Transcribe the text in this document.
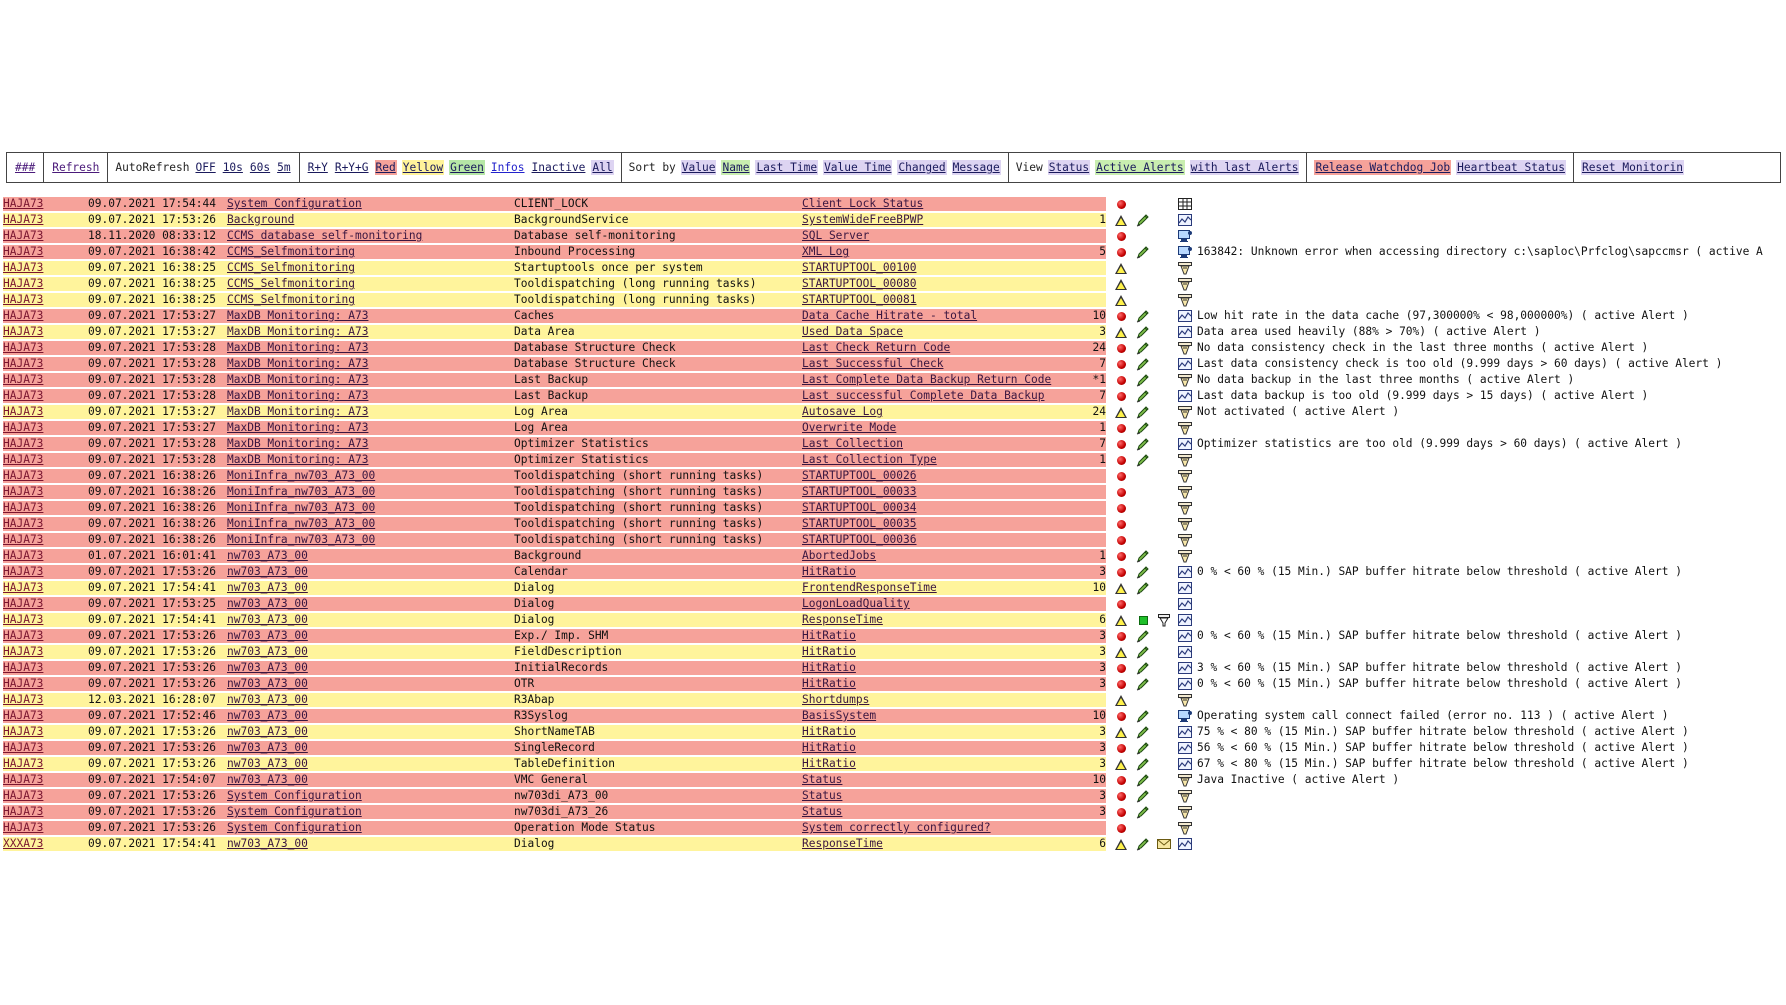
### Refresh AutoRefresh OFF 10s 60s 5m R+Y R+Y+G Red Yellow Green Infos Inactive All Sort by Value Name Last Time Value Time Changed Message View Status Active Alerts with last Alerts Release Watchdog Job Heartbeat Status Reset Monitorin
HAJA73	09.07.2021 17:54:44 System Configuration	CLIENT_LOCK	Client Lock Status
HAJA73	09.07.2021 17:53:26 Background	BackgroundService	SystemWideFreeBPWP	1
HAJA73	18.11.2020 08:33:12 CCMS database self-monitoring	Database self-monitoring	SQL Server
HAJA73	09.07.2021 16:38:42 CCMS_Selfmonitoring	Inbound Processing	XML Log	5	163842: Unknown error when accessing directory c:\saploc\Prfclog\sapccmsr ( active A
HAJA73	09.07.2021 16:38:25 CCMS_Selfmonitoring	Startuptools once per system	STARTUPTOOL_00100
HAJA73	09.07.2021 16:38:25 CCMS_Selfmonitoring	Tooldispatching (long running tasks)	STARTUPTOOL_00080
HAJA73	09.07.2021 16:38:25 CCMS_Selfmonitoring	Tooldispatching (long running tasks)	STARTUPTOOL_00081
HAJA73	09.07.2021 17:53:27 MaxDB Monitoring: A73	Caches	Data Cache Hitrate - total	10	Low hit rate in the data cache (97,300000% < 98,000000%) ( active Alert )
HAJA73	09.07.2021 17:53:27 MaxDB Monitoring: A73	Data Area	Used Data Space	3	Data area used heavily (88% > 70%) ( active Alert )
HAJA73	09.07.2021 17:53:28 MaxDB Monitoring: A73	Database Structure Check	Last Check Return Code	24	No data consistency check in the last three months ( active Alert )
HAJA73	09.07.2021 17:53:28 MaxDB Monitoring: A73	Database Structure Check	Last Successful Check	7	Last data consistency check is too old (9.999 days > 60 days) ( active Alert )
HAJA73	09.07.2021 17:53:28 MaxDB Monitoring: A73	Last Backup	Last Complete Data Backup Return Code	*1	No data backup in the last three months ( active Alert )
HAJA73	09.07.2021 17:53:28 MaxDB Monitoring: A73	Last Backup	Last successful Complete Data Backup	7	Last data backup is too old (9.999 days > 15 days) ( active Alert )
HAJA73	09.07.2021 17:53:27 MaxDB Monitoring: A73	Log Area	Autosave Log	24	Not activated ( active Alert )
HAJA73	09.07.2021 17:53:27 MaxDB Monitoring: A73	Log Area	Overwrite Mode	1
HAJA73	09.07.2021 17:53:28 MaxDB Monitoring: A73	Optimizer Statistics	Last Collection	7	Optimizer statistics are too old (9.999 days > 60 days) ( active Alert )
HAJA73	09.07.2021 17:53:28 MaxDB Monitoring: A73	Optimizer Statistics	Last Collection Type	1
HAJA73	09.07.2021 16:38:26 MoniInfra_nw703_A73_00	Tooldispatching (short running tasks)	STARTUPTOOL_00026
HAJA73	09.07.2021 16:38:26 MoniInfra_nw703_A73_00	Tooldispatching (short running tasks)	STARTUPTOOL_00033
HAJA73	09.07.2021 16:38:26 MoniInfra_nw703_A73_00	Tooldispatching (short running tasks)	STARTUPTOOL_00034
HAJA73	09.07.2021 16:38:26 MoniInfra_nw703_A73_00	Tooldispatching (short running tasks)	STARTUPTOOL_00035
HAJA73	09.07.2021 16:38:26 MoniInfra_nw703_A73_00	Tooldispatching (short running tasks)	STARTUPTOOL_00036
HAJA73	01.07.2021 16:01:41 nw703_A73_00	Background	AbortedJobs	1
HAJA73	09.07.2021 17:53:26 nw703_A73_00	Calendar	HitRatio	3	0 % < 60 % (15 Min.) SAP buffer hitrate below threshold ( active Alert )
HAJA73	09.07.2021 17:54:41 nw703_A73_00	Dialog	FrontendResponseTime	10
HAJA73	09.07.2021 17:53:25 nw703_A73_00	Dialog	LogonLoadQuality
HAJA73	09.07.2021 17:54:41 nw703_A73_00	Dialog	ResponseTime	6
HAJA73	09.07.2021 17:53:26 nw703_A73_00	Exp./ Imp. SHM	HitRatio	3	0 % < 60 % (15 Min.) SAP buffer hitrate below threshold ( active Alert )
HAJA73	09.07.2021 17:53:26 nw703_A73_00	FieldDescription	HitRatio	3
HAJA73	09.07.2021 17:53:26 nw703_A73_00	InitialRecords	HitRatio	3	3 % < 60 % (15 Min.) SAP buffer hitrate below threshold ( active Alert )
HAJA73	09.07.2021 17:53:26 nw703_A73_00	OTR	HitRatio	3	0 % < 60 % (15 Min.) SAP buffer hitrate below threshold ( active Alert )
HAJA73	12.03.2021 16:28:07 nw703_A73_00	R3Abap	Shortdumps
HAJA73	09.07.2021 17:52:46 nw703_A73_00	R3Syslog	BasisSystem	10	Operating system call connect failed (error no. 113 ) ( active Alert )
HAJA73	09.07.2021 17:53:26 nw703_A73_00	ShortNameTAB	HitRatio	3	75 % < 80 % (15 Min.) SAP buffer hitrate below threshold ( active Alert )
HAJA73	09.07.2021 17:53:26 nw703_A73_00	SingleRecord	HitRatio	3	56 % < 60 % (15 Min.) SAP buffer hitrate below threshold ( active Alert )
HAJA73	09.07.2021 17:53:26 nw703_A73_00	TableDefinition	HitRatio	3	67 % < 80 % (15 Min.) SAP buffer hitrate below threshold ( active Alert )
HAJA73	09.07.2021 17:54:07 nw703_A73_00	VMC General	Status	10	Java Inactive ( active Alert )
HAJA73	09.07.2021 17:53:26 System Configuration	nw703di_A73_00	Status	3
HAJA73	09.07.2021 17:53:26 System Configuration	nw703di_A73_26	Status	3
HAJA73	09.07.2021 17:53:26 System Configuration	Operation Mode Status	System correctly configured?
XXXA73	09.07.2021 17:54:41 nw703_A73_00	Dialog	ResponseTime	6
